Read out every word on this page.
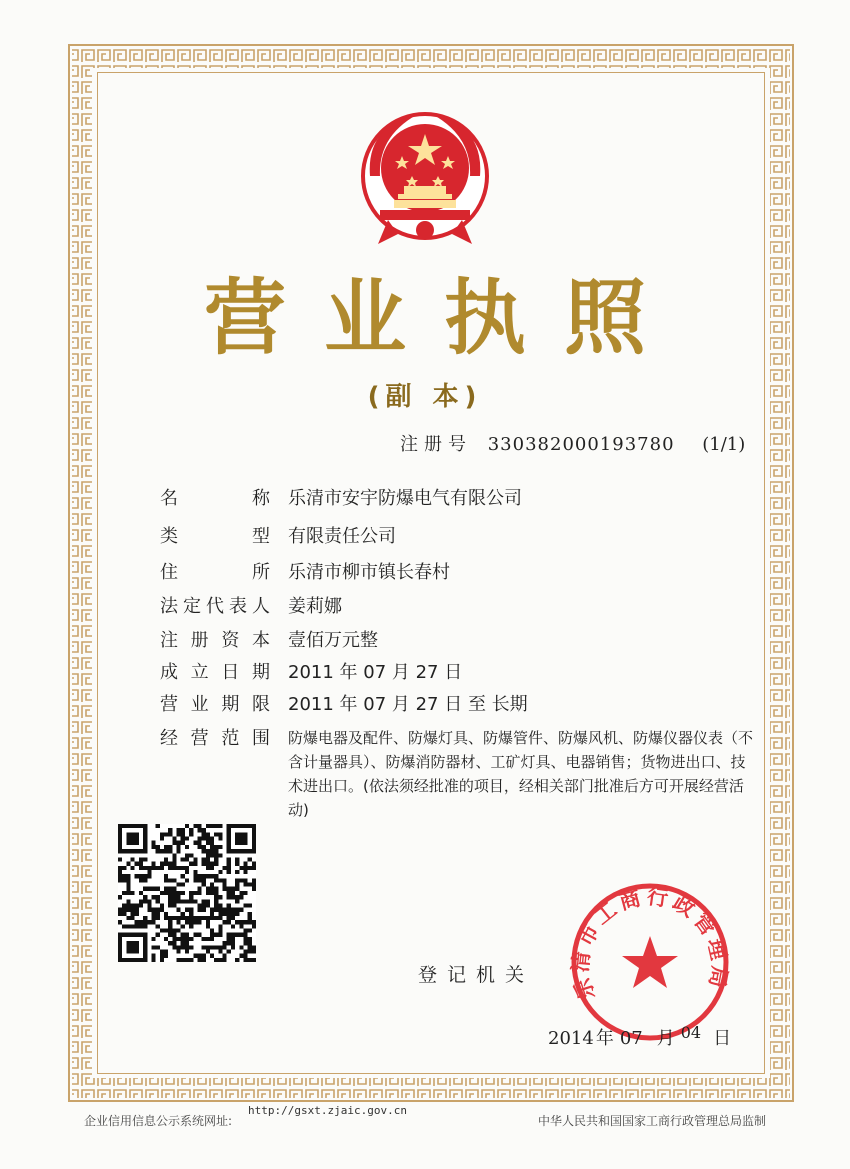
营业执照
(副 本)
注册号 330382000193780 (1/1)
名	称 乐清市安宇防爆电气有限公司
类	型 有限责任公司
住	所 乐清市柳市镇长春村
法 定 代 表 人 姜莉娜
注 册 资 本 壹佰万元整
成 立 日 期 2011 年 07 月 27 日
营 业 期 限 2011 年 07 月 27 日 至 长期
经 营 范 围 防爆电器及配件、防爆灯具、防爆管件、防爆风机、防爆仪器仪表（不含计量器具）、防爆消防器材、工矿灯具、电器销售；货物进出口、技术进出口。(依法须经批准的项目，经相关部门批准后方可开展经营活动)
登记机关 乐清市工商行政管理局
2014 年 07 月 04 日
企业信用信息公示系统网址:
http://gsxt.zjaic.gov.cn
中华人民共和国国家工商行政管理总局监制
